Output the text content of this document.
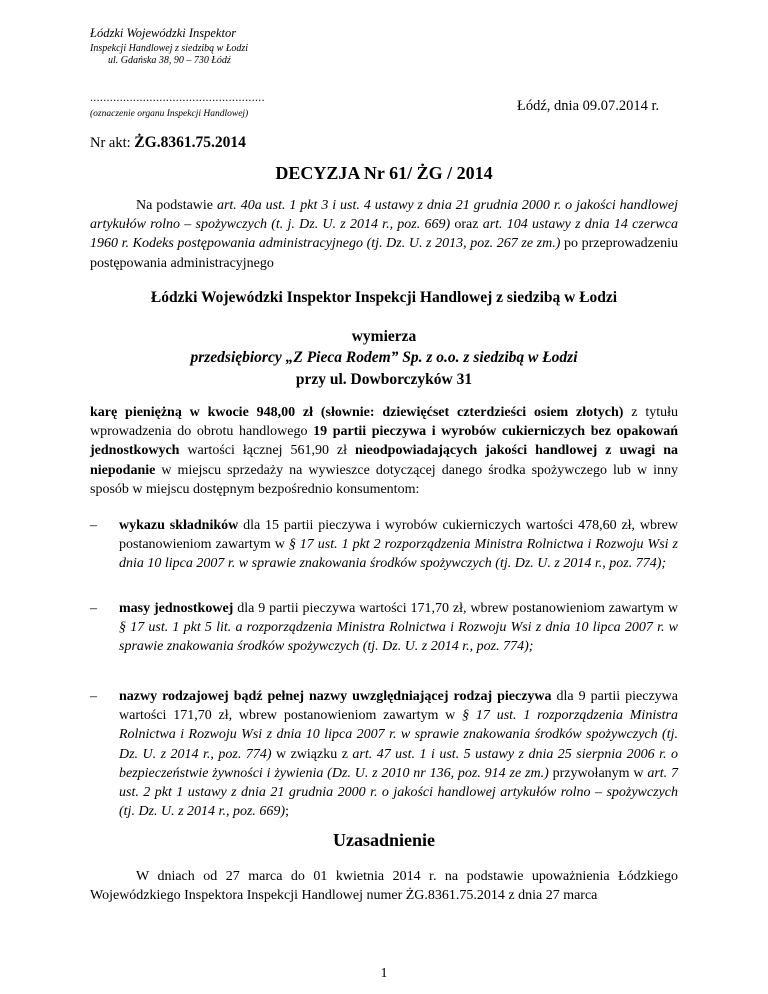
Łódzki Wojewódzki Inspektor
Inspekcji Handlowej z siedzibą w Łodzi
ul. Gdańska 38, 90 – 730 Łódź
.....................................................
(oznaczenie organu Inspekcji Handlowej)	Łódź, dnia 09.07.2014 r.
Nr akt: ŻG.8361.75.2014
DECYZJA Nr 61/ ŻG / 2014
Na podstawie art. 40a ust. 1 pkt 3 i ust. 4 ustawy z dnia 21 grudnia 2000 r. o jakości handlowej artykułów rolno – spożywczych (t. j. Dz. U. z 2014 r., poz. 669) oraz art. 104 ustawy z dnia 14 czerwca 1960 r. Kodeks postępowania administracyjnego (tj. Dz. U. z 2013, poz. 267 ze zm.) po przeprowadzeniu postępowania administracyjnego
Łódzki Wojewódzki Inspektor Inspekcji Handlowej z siedzibą w Łodzi
wymierza
przedsiębiorcy „Z Pieca Rodem” Sp. z o.o. z siedzibą w Łodzi
przy ul. Dowborczyków 31
karę pieniężną w kwocie 948,00 zł (słownie: dziewięćset czterdzieści osiem złotych) z tytułu wprowadzenia do obrotu handlowego 19 partii pieczywa i wyrobów cukierniczych bez opakowań jednostkowych wartości łącznej 561,90 zł nieodpowiadających jakości handlowej z uwagi na niepodanie w miejscu sprzedaży na wywieszce dotyczącej danego środka spożywczego lub w inny sposób w miejscu dostępnym bezpośrednio konsumentom:
– wykazu składników dla 15 partii pieczywa i wyrobów cukierniczych wartości 478,60 zł, wbrew postanowieniom zawartym w § 17 ust. 1 pkt 2 rozporządzenia Ministra Rolnictwa i Rozwoju Wsi z dnia 10 lipca 2007 r. w sprawie znakowania środków spożywczych (tj. Dz. U. z 2014 r., poz. 774);
– masy jednostkowej dla 9 partii pieczywa wartości 171,70 zł, wbrew postanowieniom zawartym w § 17 ust. 1 pkt 5 lit. a rozporządzenia Ministra Rolnictwa i Rozwoju Wsi z dnia 10 lipca 2007 r. w sprawie znakowania środków spożywczych (tj. Dz. U. z 2014 r., poz. 774);
– nazwy rodzajowej bądź pełnej nazwy uwzględniającej rodzaj pieczywa dla 9 partii pieczywa wartości 171,70 zł, wbrew postanowieniom zawartym w § 17 ust. 1 rozporządzenia Ministra Rolnictwa i Rozwoju Wsi z dnia 10 lipca 2007 r. w sprawie znakowania środków spożywczych (tj. Dz. U. z 2014 r., poz. 774) w związku z art. 47 ust. 1 i ust. 5 ustawy z dnia 25 sierpnia 2006 r. o bezpieczeństwie żywności i żywienia (Dz. U. z 2010 nr 136, poz. 914 ze zm.) przywołanym w art. 7 ust. 2 pkt 1 ustawy z dnia 21 grudnia 2000 r. o jakości handlowej artykułów rolno – spożywczych (tj. Dz. U. z 2014 r., poz. 669);
Uzasadnienie
W dniach od 27 marca do 01 kwietnia 2014 r. na podstawie upoważnienia Łódzkiego Wojewódzkiego Inspektora Inspekcji Handlowej numer ŻG.8361.75.2014 z dnia 27 marca
1
